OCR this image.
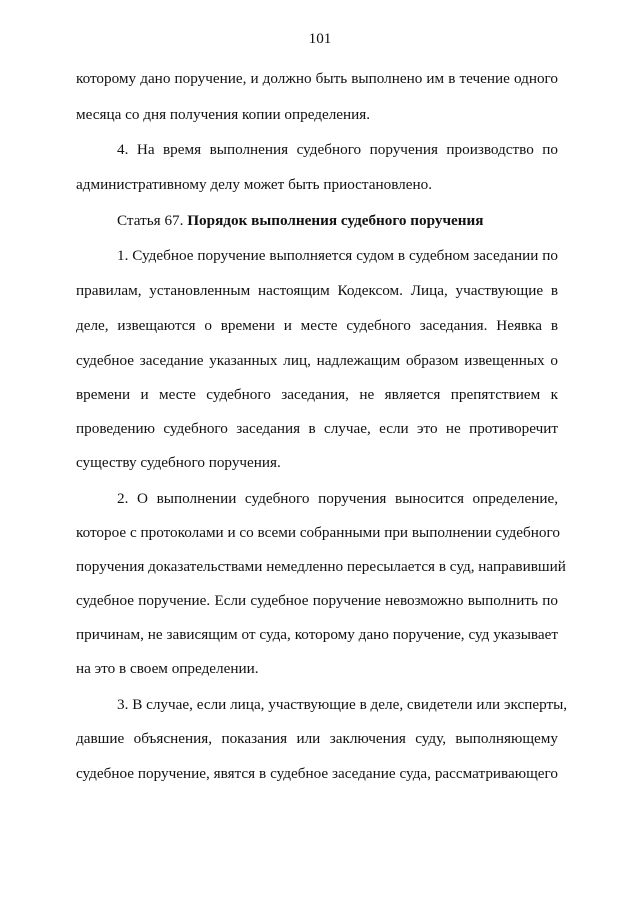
101
которому дано поручение, и должно быть выполнено им в течение одного
месяца со дня получения копии определения.
4. На время выполнения судебного поручения производство по
административному делу может быть приостановлено.
Статья 67. Порядок выполнения судебного поручения
1. Судебное поручение выполняется судом в судебном заседании по
правилам, установленным настоящим Кодексом. Лица, участвующие в
деле, извещаются о времени и месте судебного заседания. Неявка в
судебное заседание указанных лиц, надлежащим образом извещенных о
времени и месте судебного заседания, не является препятствием к
проведению судебного заседания в случае, если это не противоречит
существу судебного поручения.
2. О выполнении судебного поручения выносится определение,
которое с протоколами и со всеми собранными при выполнении судебного
поручения доказательствами немедленно пересылается в суд, направивший
судебное поручение. Если судебное поручение невозможно выполнить по
причинам, не зависящим от суда, которому дано поручение, суд указывает
на это в своем определении.
3. В случае, если лица, участвующие в деле, свидетели или эксперты,
давшие объяснения, показания или заключения суду, выполняющему
судебное поручение, явятся в судебное заседание суда, рассматривающего
